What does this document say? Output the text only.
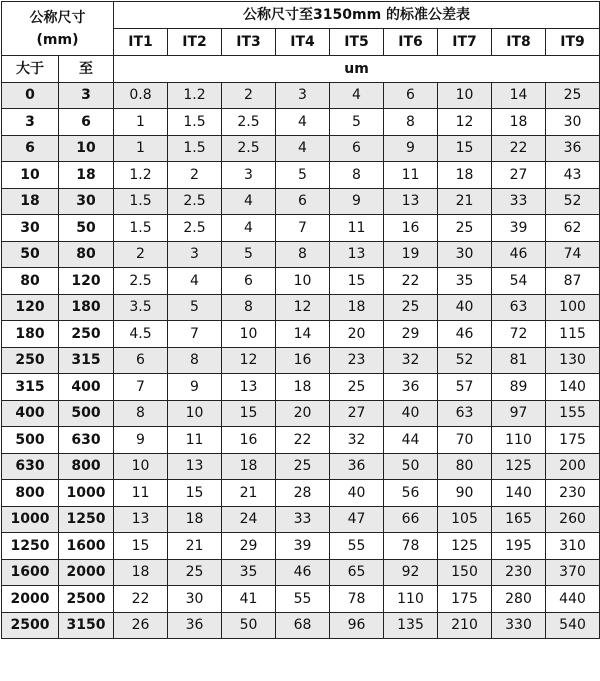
公称尺寸
(mm)		公称尺寸至3150mm 的标准公差表								
		IT1	IT2	IT3	IT4	IT5	IT6	IT7	IT8	IT9
大于	至	um								
0	3	0.8	1.2	2	3	4	6	10	14	25
3	6	1	1.5	2.5	4	5	8	12	18	30
6	10	1	1.5	2.5	4	6	9	15	22	36
10	18	1.2	2	3	5	8	11	18	27	43
18	30	1.5	2.5	4	6	9	13	21	33	52
30	50	1.5	2.5	4	7	11	16	25	39	62
50	80	2	3	5	8	13	19	30	46	74
80	120	2.5	4	6	10	15	22	35	54	87
120	180	3.5	5	8	12	18	25	40	63	100
180	250	4.5	7	10	14	20	29	46	72	115
250	315	6	8	12	16	23	32	52	81	130
315	400	7	9	13	18	25	36	57	89	140
400	500	8	10	15	20	27	40	63	97	155
500	630	9	11	16	22	32	44	70	110	175
630	800	10	13	18	25	36	50	80	125	200
800	1000	11	15	21	28	40	56	90	140	230
1000	1250	13	18	24	33	47	66	105	165	260
1250	1600	15	21	29	39	55	78	125	195	310
1600	2000	18	25	35	46	65	92	150	230	370
2000	2500	22	30	41	55	78	110	175	280	440
2500	3150	26	36	50	68	96	135	210	330	540
